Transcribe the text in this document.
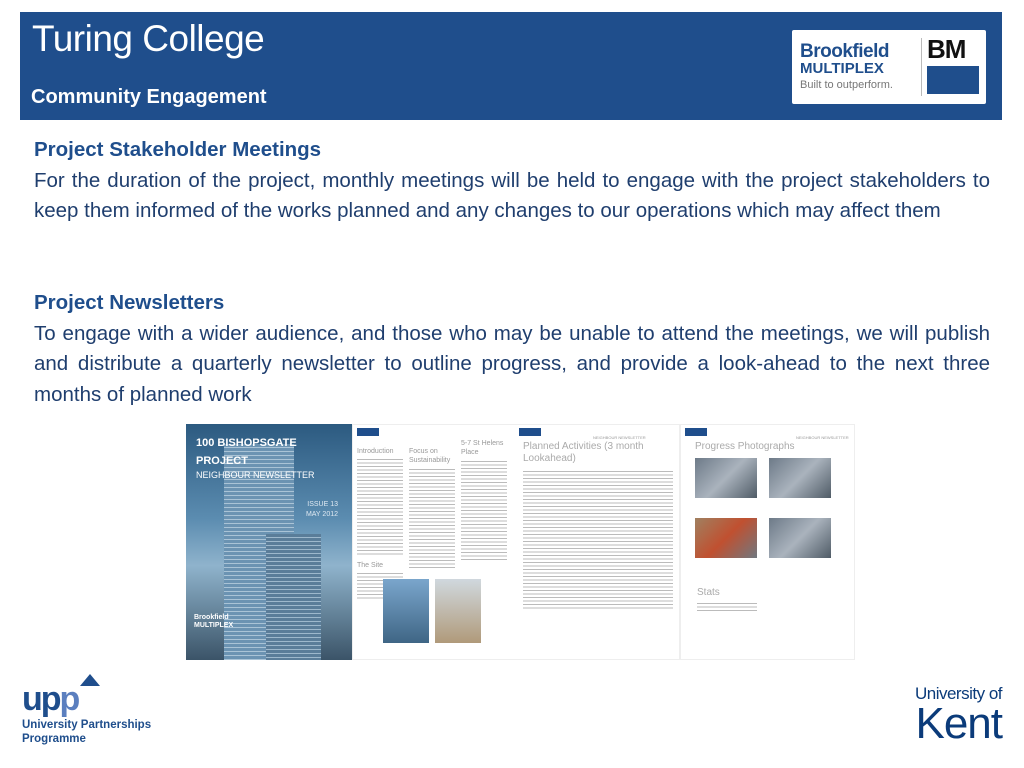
Turing College
Community Engagement
Brookfield
MULTIPLEX
Built to outperform.
BM
Project Stakeholder Meetings

For the duration of the project, monthly meetings will be held to engage with the project stakeholders to keep them informed of the works planned and any changes to our operations which may affect them

Project Newsletters

To engage with a wider audience, and those who may be unable to attend the meetings, we will publish and distribute a quarterly newsletter to outline progress, and provide a look-ahead to the next three months of planned work

100 BISHOPSGATE
PROJECT
NEIGHBOUR NEWSLETTER
ISSUE 13
MAY 2012
Brookfield
MULTIPLEX
Introduction	Focus on Sustainability
5-7 St Helens Place
The Site
NEIGHBOUR NEWSLETTER
Planned Activities (3 month Lookahead)
NEIGHBOUR NEWSLETTER
Progress Photographs
Stats
upp
University Partnerships
Programme
University of
Kent
